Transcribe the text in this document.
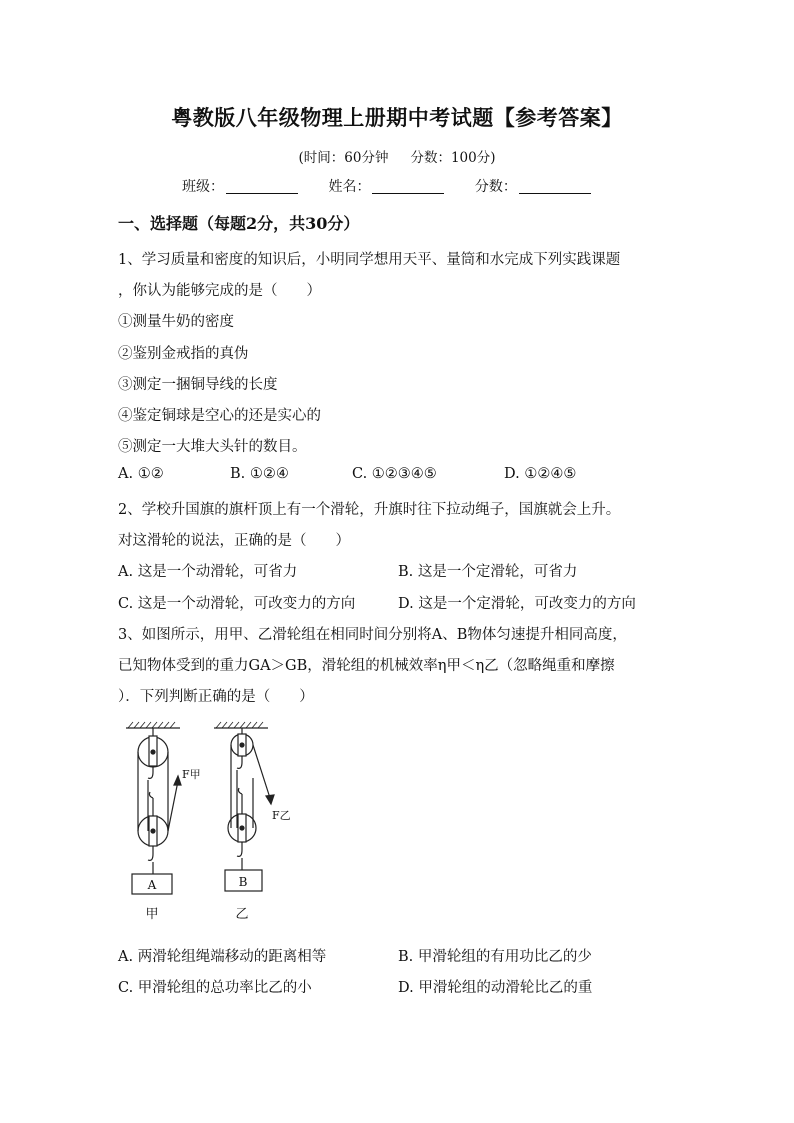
粤教版八年级物理上册期中考试题【参考答案】
(时间：60分钟 分数：100分)
班级：	姓名：	分数：
一、选择题（每题2分，共30分）
1、学习质量和密度的知识后，小明同学想用天平、量筒和水完成下列实践课题
，你认为能够完成的是（　　）
①测量牛奶的密度
②鉴别金戒指的真伪
③测定一捆铜导线的长度
④鉴定铜球是空心的还是实心的
⑤测定一大堆大头针的数目。
A. ①②	B. ①②④	C. ①②③④⑤	D. ①②④⑤
2、学校升国旗的旗杆顶上有一个滑轮，升旗时往下拉动绳子，国旗就会上升。
对这滑轮的说法，正确的是（　　）
A. 这是一个动滑轮，可省力	B. 这是一个定滑轮，可省力
C. 这是一个动滑轮，可改变力的方向	D. 这是一个定滑轮，可改变力的方向
3、如图所示，用甲、乙滑轮组在相同时间分别将A、B物体匀速提升相同高度，
已知物体受到的重力GA＞GB，滑轮组的机械效率η甲＜η乙（忽略绳重和摩擦
）．下列判断正确的是（　　）
F甲
A
甲
F乙
B
乙
A. 两滑轮组绳端移动的距离相等	B. 甲滑轮组的有用功比乙的少
C. 甲滑轮组的总功率比乙的小	D. 甲滑轮组的动滑轮比乙的重
